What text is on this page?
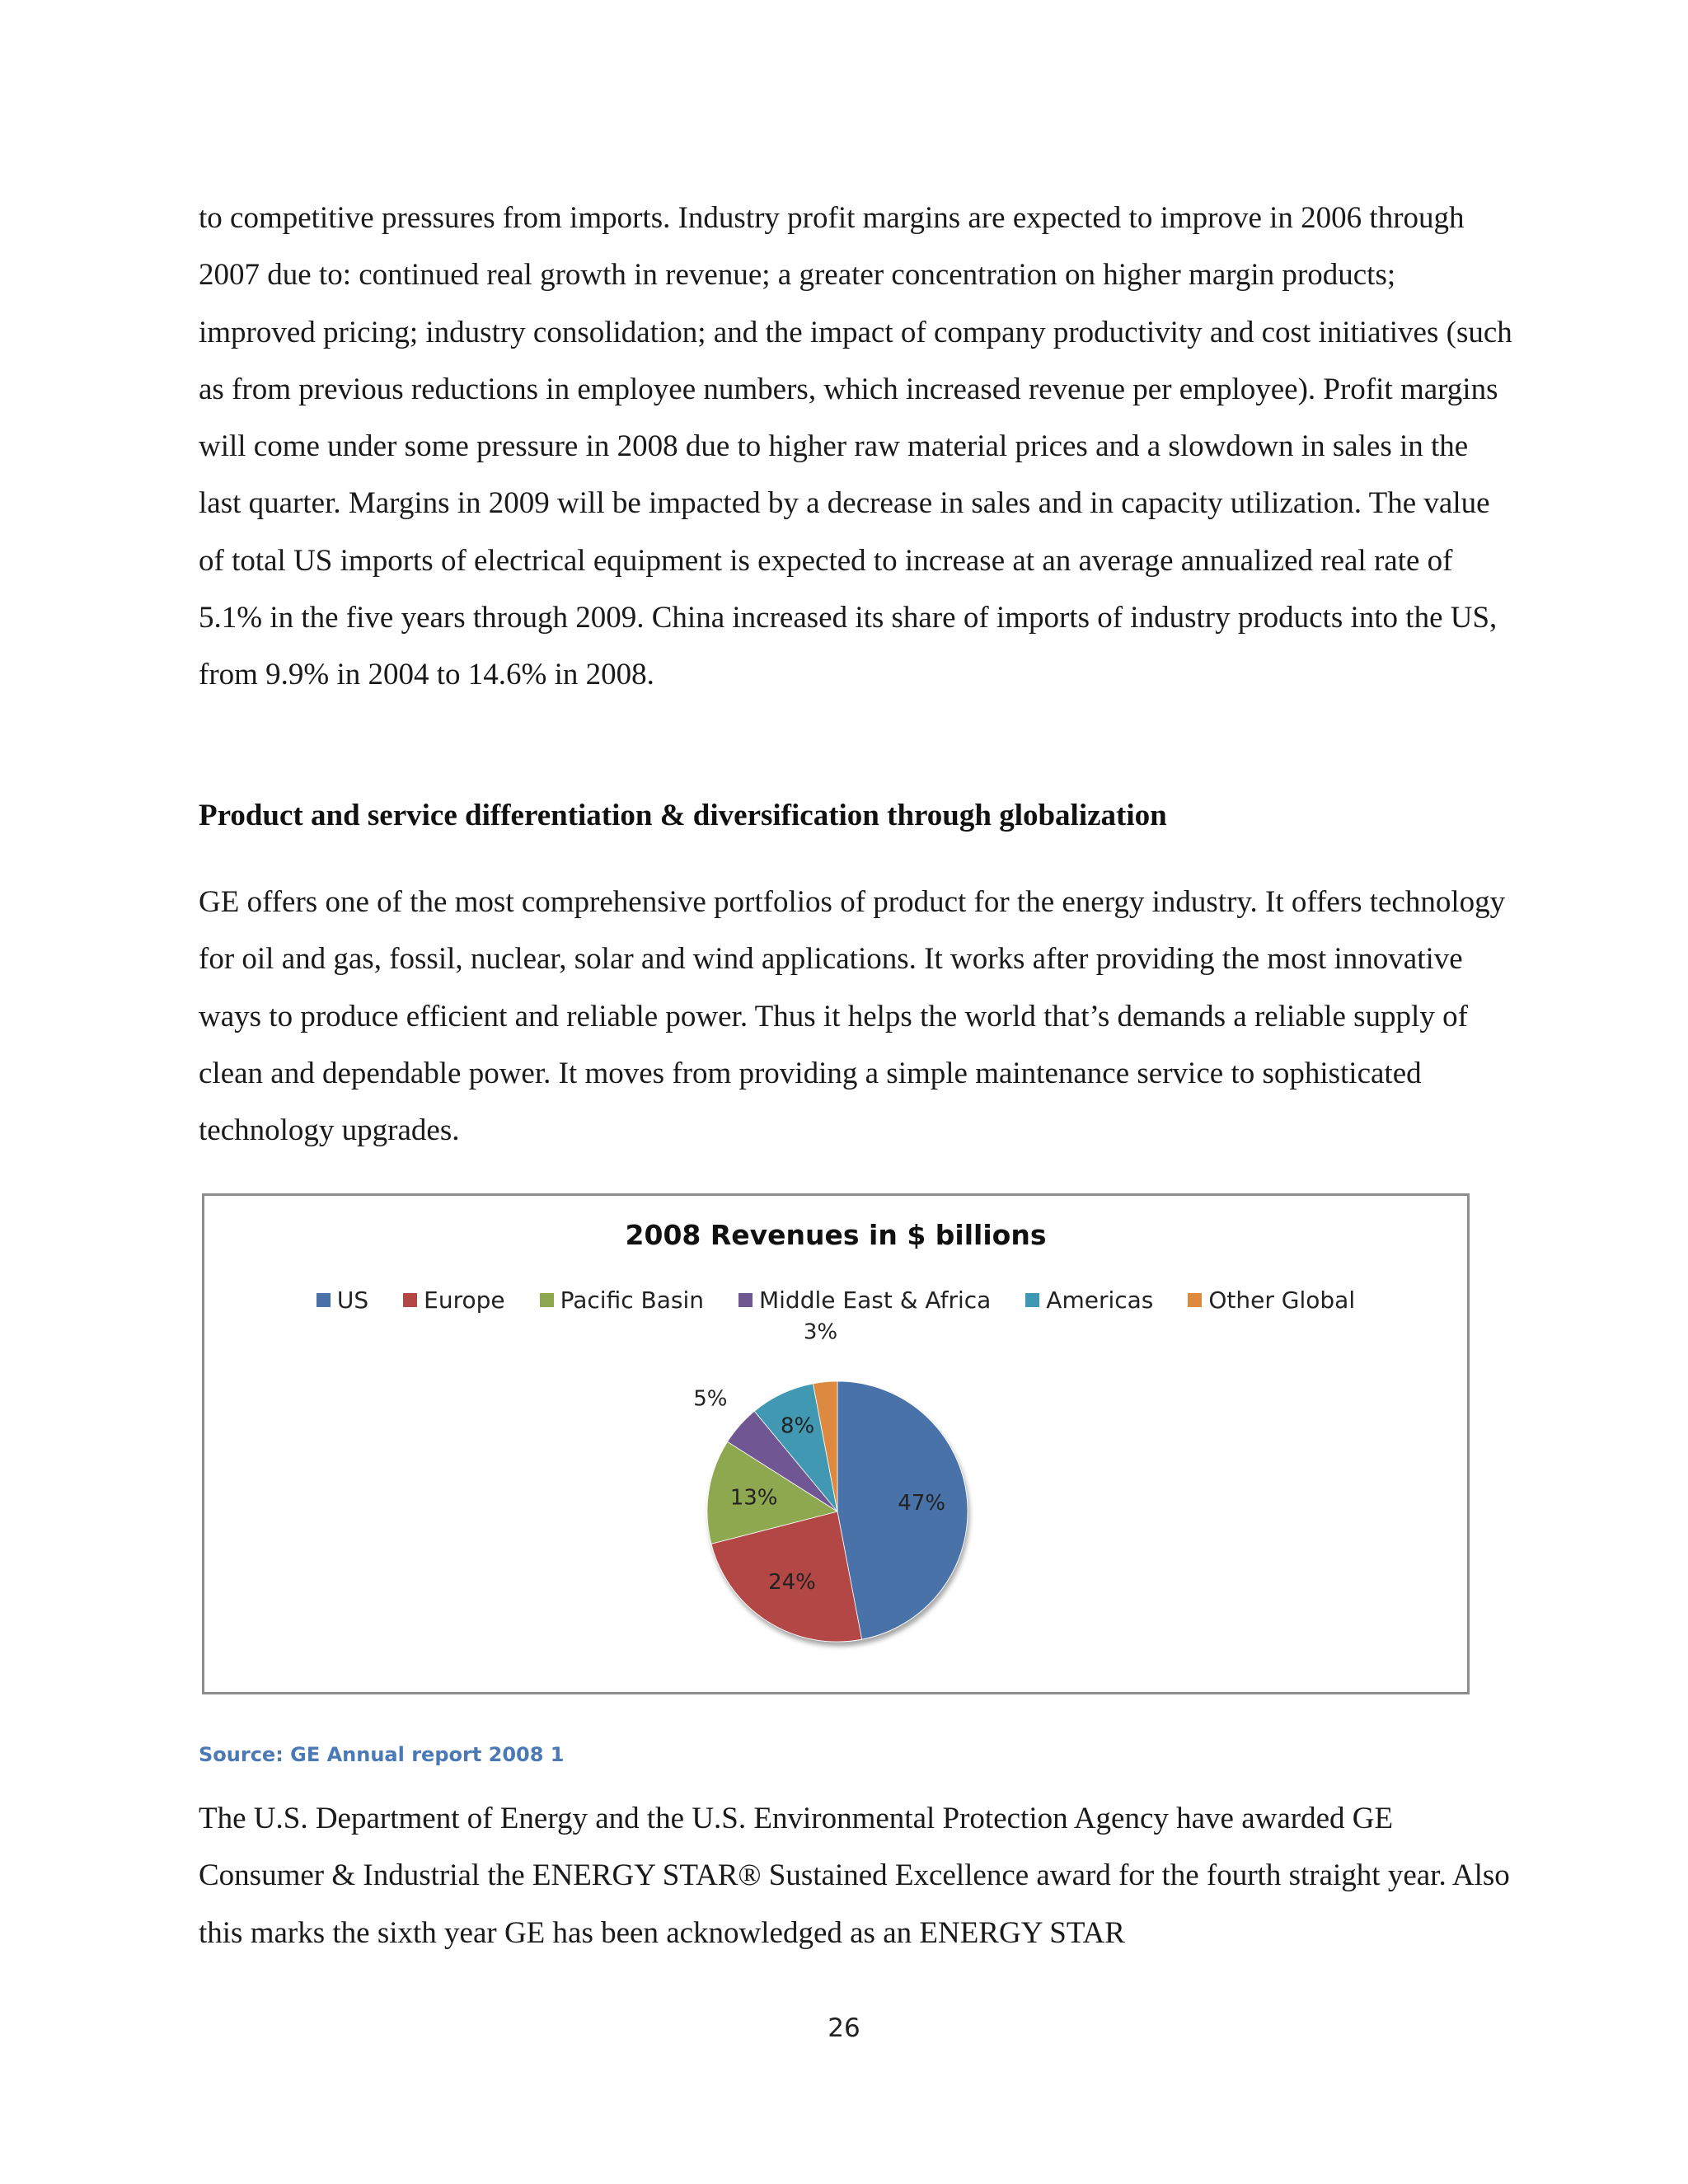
to competitive pressures from imports. Industry profit margins are expected to improve in 2006 through 2007 due to: continued real growth in revenue; a greater concentration on higher margin products; improved pricing; industry consolidation; and the impact of company productivity and cost initiatives (such as from previous reductions in employee numbers, which increased revenue per employee). Profit margins will come under some pressure in 2008 due to higher raw material prices and a slowdown in sales in the last quarter. Margins in 2009 will be impacted by a decrease in sales and in capacity utilization. The value of total US imports of electrical equipment is expected to increase at an average annualized real rate of 5.1% in the five years through 2009. China increased its share of imports of industry products into the US, from 9.9% in 2004 to 14.6% in 2008.

Product and service differentiation & diversification through globalization

GE offers one of the most comprehensive portfolios of product for the energy industry. It offers technology for oil and gas, fossil, nuclear, solar and wind applications. It works after providing the most innovative ways to produce efficient and reliable power. Thus it helps the world that’s demands a reliable supply of clean and dependable power. It moves from providing a simple maintenance service to sophisticated technology upgrades.

2008 Revenues in $ billions
US Europe Pacific Basin Middle East & Africa Americas Other Global
47%
24%
13%
5%
8%
3%
Source: GE Annual report 2008 1

The U.S. Department of Energy and the U.S. Environmental Protection Agency have awarded GE Consumer & Industrial the ENERGY STAR® Sustained Excellence award for the fourth straight year. Also this marks the sixth year GE has been acknowledged as an ENERGY STAR

26
